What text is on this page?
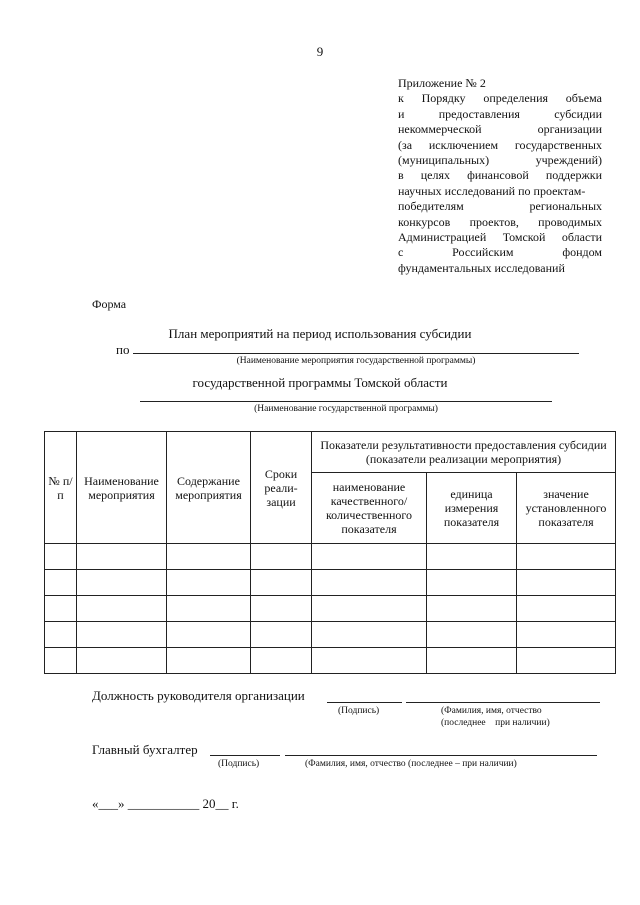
9
Приложение № 2
к Порядку определения объема
и	предоставления	субсидии
некоммерческой	организации
(за исключением государственных
(муниципальных)	учреждений)
в целях финансовой поддержки
научных исследований по проектам-
победителям	региональных
конкурсов проектов, проводимых
Администрацией Томской области
с	Российским	фондом
фундаментальных исследований
Форма
План мероприятий на период использования субсидии
по
(Наименование мероприятия государственной программы)
государственной программы Томской области
(Наименование государственной программы)
№ п/п	Наименование мероприятия	Содержание мероприятия	Сроки реали-зации	Показатели результативности предоставления субсидии (показатели реализации мероприятия)		
				наименование качественного/ количественного показателя	единица измерения показателя	значение установленного показателя

Должность руководителя организации
(Подпись)	(Фамилия, имя, отчество
(последнее    при наличии)
Главный бухгалтер
(Подпись)	(Фамилия, имя, отчество (последнее – при наличии)
«___» ___________ 20__ г.
